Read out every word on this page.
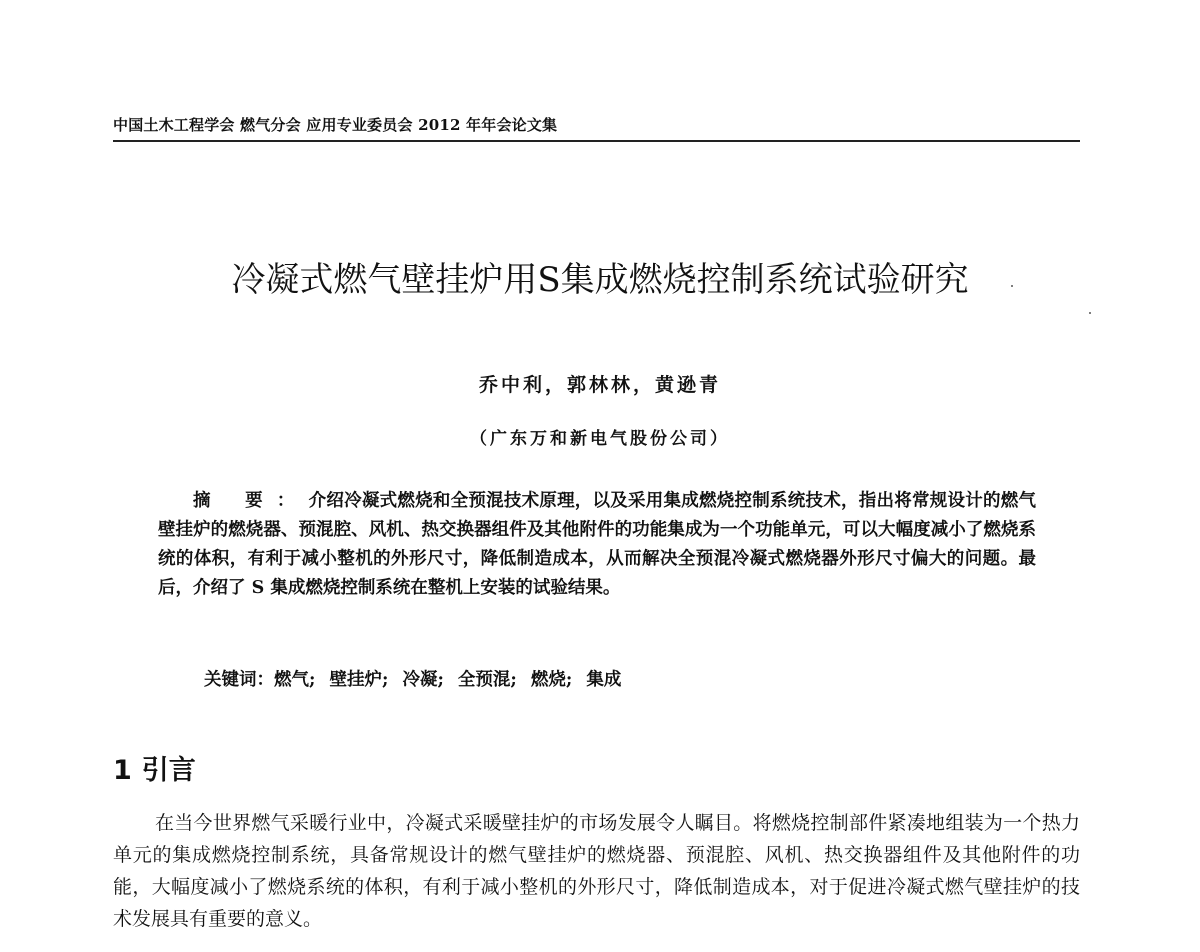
中国土木工程学会 燃气分会 应用专业委员会 2012 年年会论文集
冷凝式燃气壁挂炉用S集成燃烧控制系统试验研究
乔中利，郭林林，黄逊青
（广东万和新电气股份公司）
摘 要：介绍冷凝式燃烧和全预混技术原理，以及采用集成燃烧控制系统技术，指出将常规设计的燃气壁挂炉的燃烧器、预混腔、风机、热交换器组件及其他附件的功能集成为一个功能单元，可以大幅度减小了燃烧系统的体积，有利于减小整机的外形尺寸，降低制造成本，从而解决全预混冷凝式燃烧器外形尺寸偏大的问题。最后，介绍了 S 集成燃烧控制系统在整机上安装的试验结果。
关键词：燃气; 壁挂炉; 冷凝; 全预混; 燃烧; 集成
1 引言

在当今世界燃气采暖行业中，冷凝式采暖壁挂炉的市场发展令人瞩目。将燃烧控制部件紧凑地组装为一个热力单元的集成燃烧控制系统，具备常规设计的燃气壁挂炉的燃烧器、预混腔、风机、热交换器组件及其他附件的功能，大幅度减小了燃烧系统的体积，有利于减小整机的外形尺寸，降低制造成本，对于促进冷凝式燃气壁挂炉的技术发展具有重要的意义。
